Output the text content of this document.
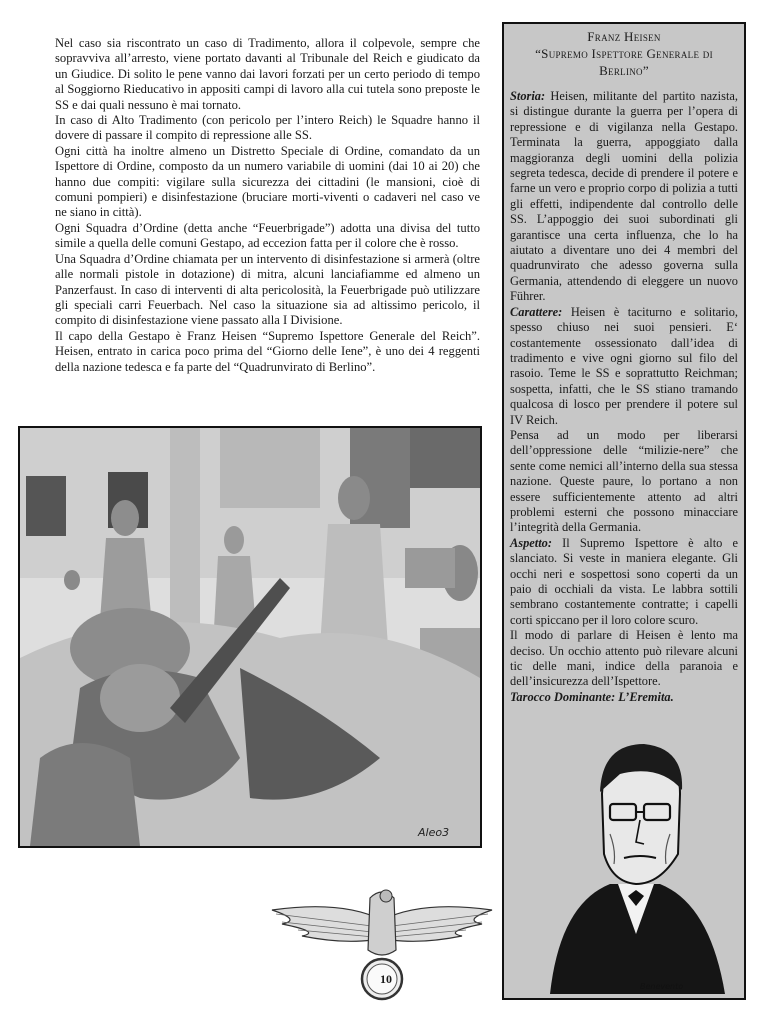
Nel caso sia riscontrato un caso di Tradimento, allora il colpevole, sempre che sopravviva all’arresto, viene portato davanti al Tribunale del Reich e giudicato da un Giudice. Di solito le pene vanno dai lavori forzati per un certo periodo di tempo al Soggiorno Rieducativo in appositi campi di lavoro alla cui tutela sono preposte le SS e dai quali nessuno è mai tornato.

In caso di Alto Tradimento (con pericolo per l’intero Reich) le Squadre hanno il dovere di passare il compito di repressione alle SS.

Ogni città ha inoltre almeno un Distretto Speciale di Ordine, comandato da un Ispettore di Ordine, composto da un numero variabile di uomini (dai 10 ai 20) che hanno due compiti: vigilare sulla sicurezza dei cittadini (le mansioni, cioè di comuni pompieri) e disinfestazione (bruciare morti-viventi o cadaveri nel caso ve ne siano in città).

Ogni Squadra d’Ordine (detta anche “Feuerbrigade”) adotta una divisa del tutto simile a quella delle comuni Gestapo, ad eccezion fatta per il colore che è rosso.

Una Squadra d’Ordine chiamata per un intervento di disinfestazione si armerà (oltre alle normali pistole in dotazione) di mitra, alcuni lanciafiamme ed almeno un Panzerfaust. In caso di interventi di alta pericolosità, la Feuerbrigade può utilizzare gli speciali carri Feuerbach. Nel caso la situazione sia ad altissimo pericolo, il compito di disinfestazione viene passato alla I Divisione.

Il capo della Gestapo è Franz Heisen “Supremo Ispettore Generale del Reich”. Heisen, entrato in carica poco prima del “Giorno delle Iene”, è uno dei 4 reggenti della nazione tedesca e fa parte del “Quadrunvirato di Berlino”.

Aleo3
10
Franz Heisen
“Supremo Ispettore Generale di Berlino”

Storia: Heisen, militante del partito nazista, si distingue durante la guerra per l’opera di repressione e di vigilanza nella Gestapo. Terminata la guerra, appoggiato dalla maggioranza degli uomini della polizia segreta tedesca, decide di prendere il potere e farne un vero e proprio corpo di polizia a tutti gli effetti, indipendente dal controllo delle SS. L’appoggio dei suoi subordinati gli garantisce una certa influenza, che lo ha aiutato a diventare uno dei 4 membri del quadrunvirato che adesso governa sulla Germania, attendendo di eleggere un nuovo Führer.

Carattere: Heisen è taciturno e solitario, spesso chiuso nei suoi pensieri. E‘ costantemente ossessionato dall’idea di tradimento e vive ogni giorno sul filo del rasoio. Teme le SS e soprattutto Reichman; sospetta, infatti, che le SS stiano tramando qualcosa di losco per prendere il potere sul IV Reich.

Pensa ad un modo per liberarsi dell’oppressione delle “milizie-nere” che sente come nemici all’interno della sua stessa nazione. Queste paure, lo portano a non essere sufficientemente attento ad altri problemi esterni che possono minacciare l’integrità della Germania.

Aspetto: Il Supremo Ispettore è alto e slanciato. Si veste in maniera elegante. Gli occhi neri e sospettosi sono coperti da un paio di occhiali da vista. Le labbra sottili sembrano costantemente contratte; i capelli corti spiccano per il loro colore scuro.

Il modo di parlare di Heisen è lento ma deciso. Un occhio attento può rilevare alcuni tic delle mani, indice della paranoia e dell’insicurezza dell’Ispettore.

Tarocco Dominante: L’Eremita.

Benevento
